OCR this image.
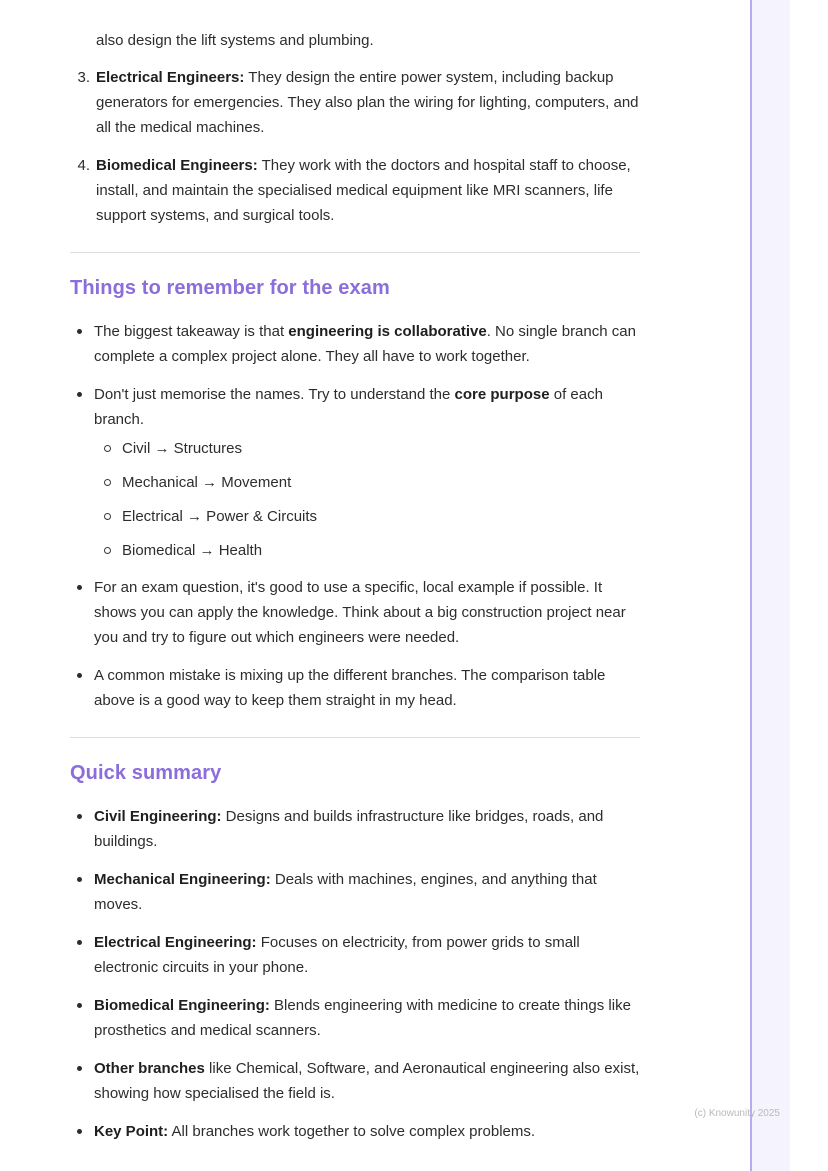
also design the lift systems and plumbing.

3. Electrical Engineers: They design the entire power system, including backup generators for emergencies. They also plan the wiring for lighting, computers, and all the medical machines.
4. Biomedical Engineers: They work with the doctors and hospital staff to choose, install, and maintain the specialised medical equipment like MRI scanners, life support systems, and surgical tools.
Things to remember for the exam
The biggest takeaway is that engineering is collaborative. No single branch can complete a complex project alone. They all have to work together.
Don't just memorise the names. Try to understand the core purpose of each branch.
Civil → Structures
Mechanical → Movement
Electrical → Power & Circuits
Biomedical → Health
For an exam question, it's good to use a specific, local example if possible. It shows you can apply the knowledge. Think about a big construction project near you and try to figure out which engineers were needed.
A common mistake is mixing up the different branches. The comparison table above is a good way to keep them straight in my head.
Quick summary
Civil Engineering: Designs and builds infrastructure like bridges, roads, and buildings.
Mechanical Engineering: Deals with machines, engines, and anything that moves.
Electrical Engineering: Focuses on electricity, from power grids to small electronic circuits in your phone.
Biomedical Engineering: Blends engineering with medicine to create things like prosthetics and medical scanners.
Other branches like Chemical, Software, and Aeronautical engineering also exist, showing how specialised the field is.
Key Point: All branches work together to solve complex problems.
(c) Knowunity 2025
